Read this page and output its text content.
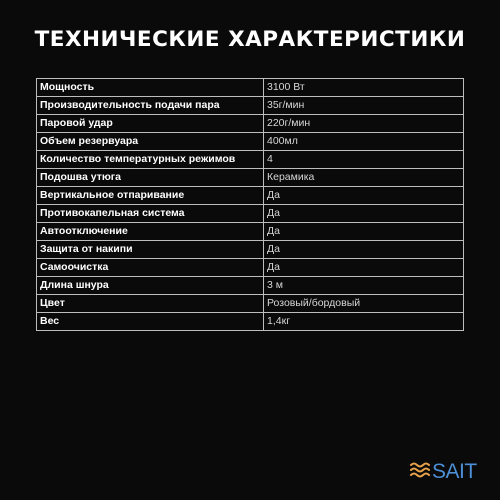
ТЕХНИЧЕСКИЕ ХАРАКТЕРИСТИКИ
Мощность	3100 Вт
Производительность подачи пара	35г/мин
Паровой удар	220г/мин
Объем резервуара	400мл
Количество температурных режимов	4
Подошва утюга	Керамика
Вертикальное отпаривание	Да
Противокапельная система	Да
Автоотключение	Да
Защита от накипи	Да
Самоочистка	Да
Длина шнура	3 м
Цвет	Розовый/бордовый
Вес	1,4кг
SAIT
